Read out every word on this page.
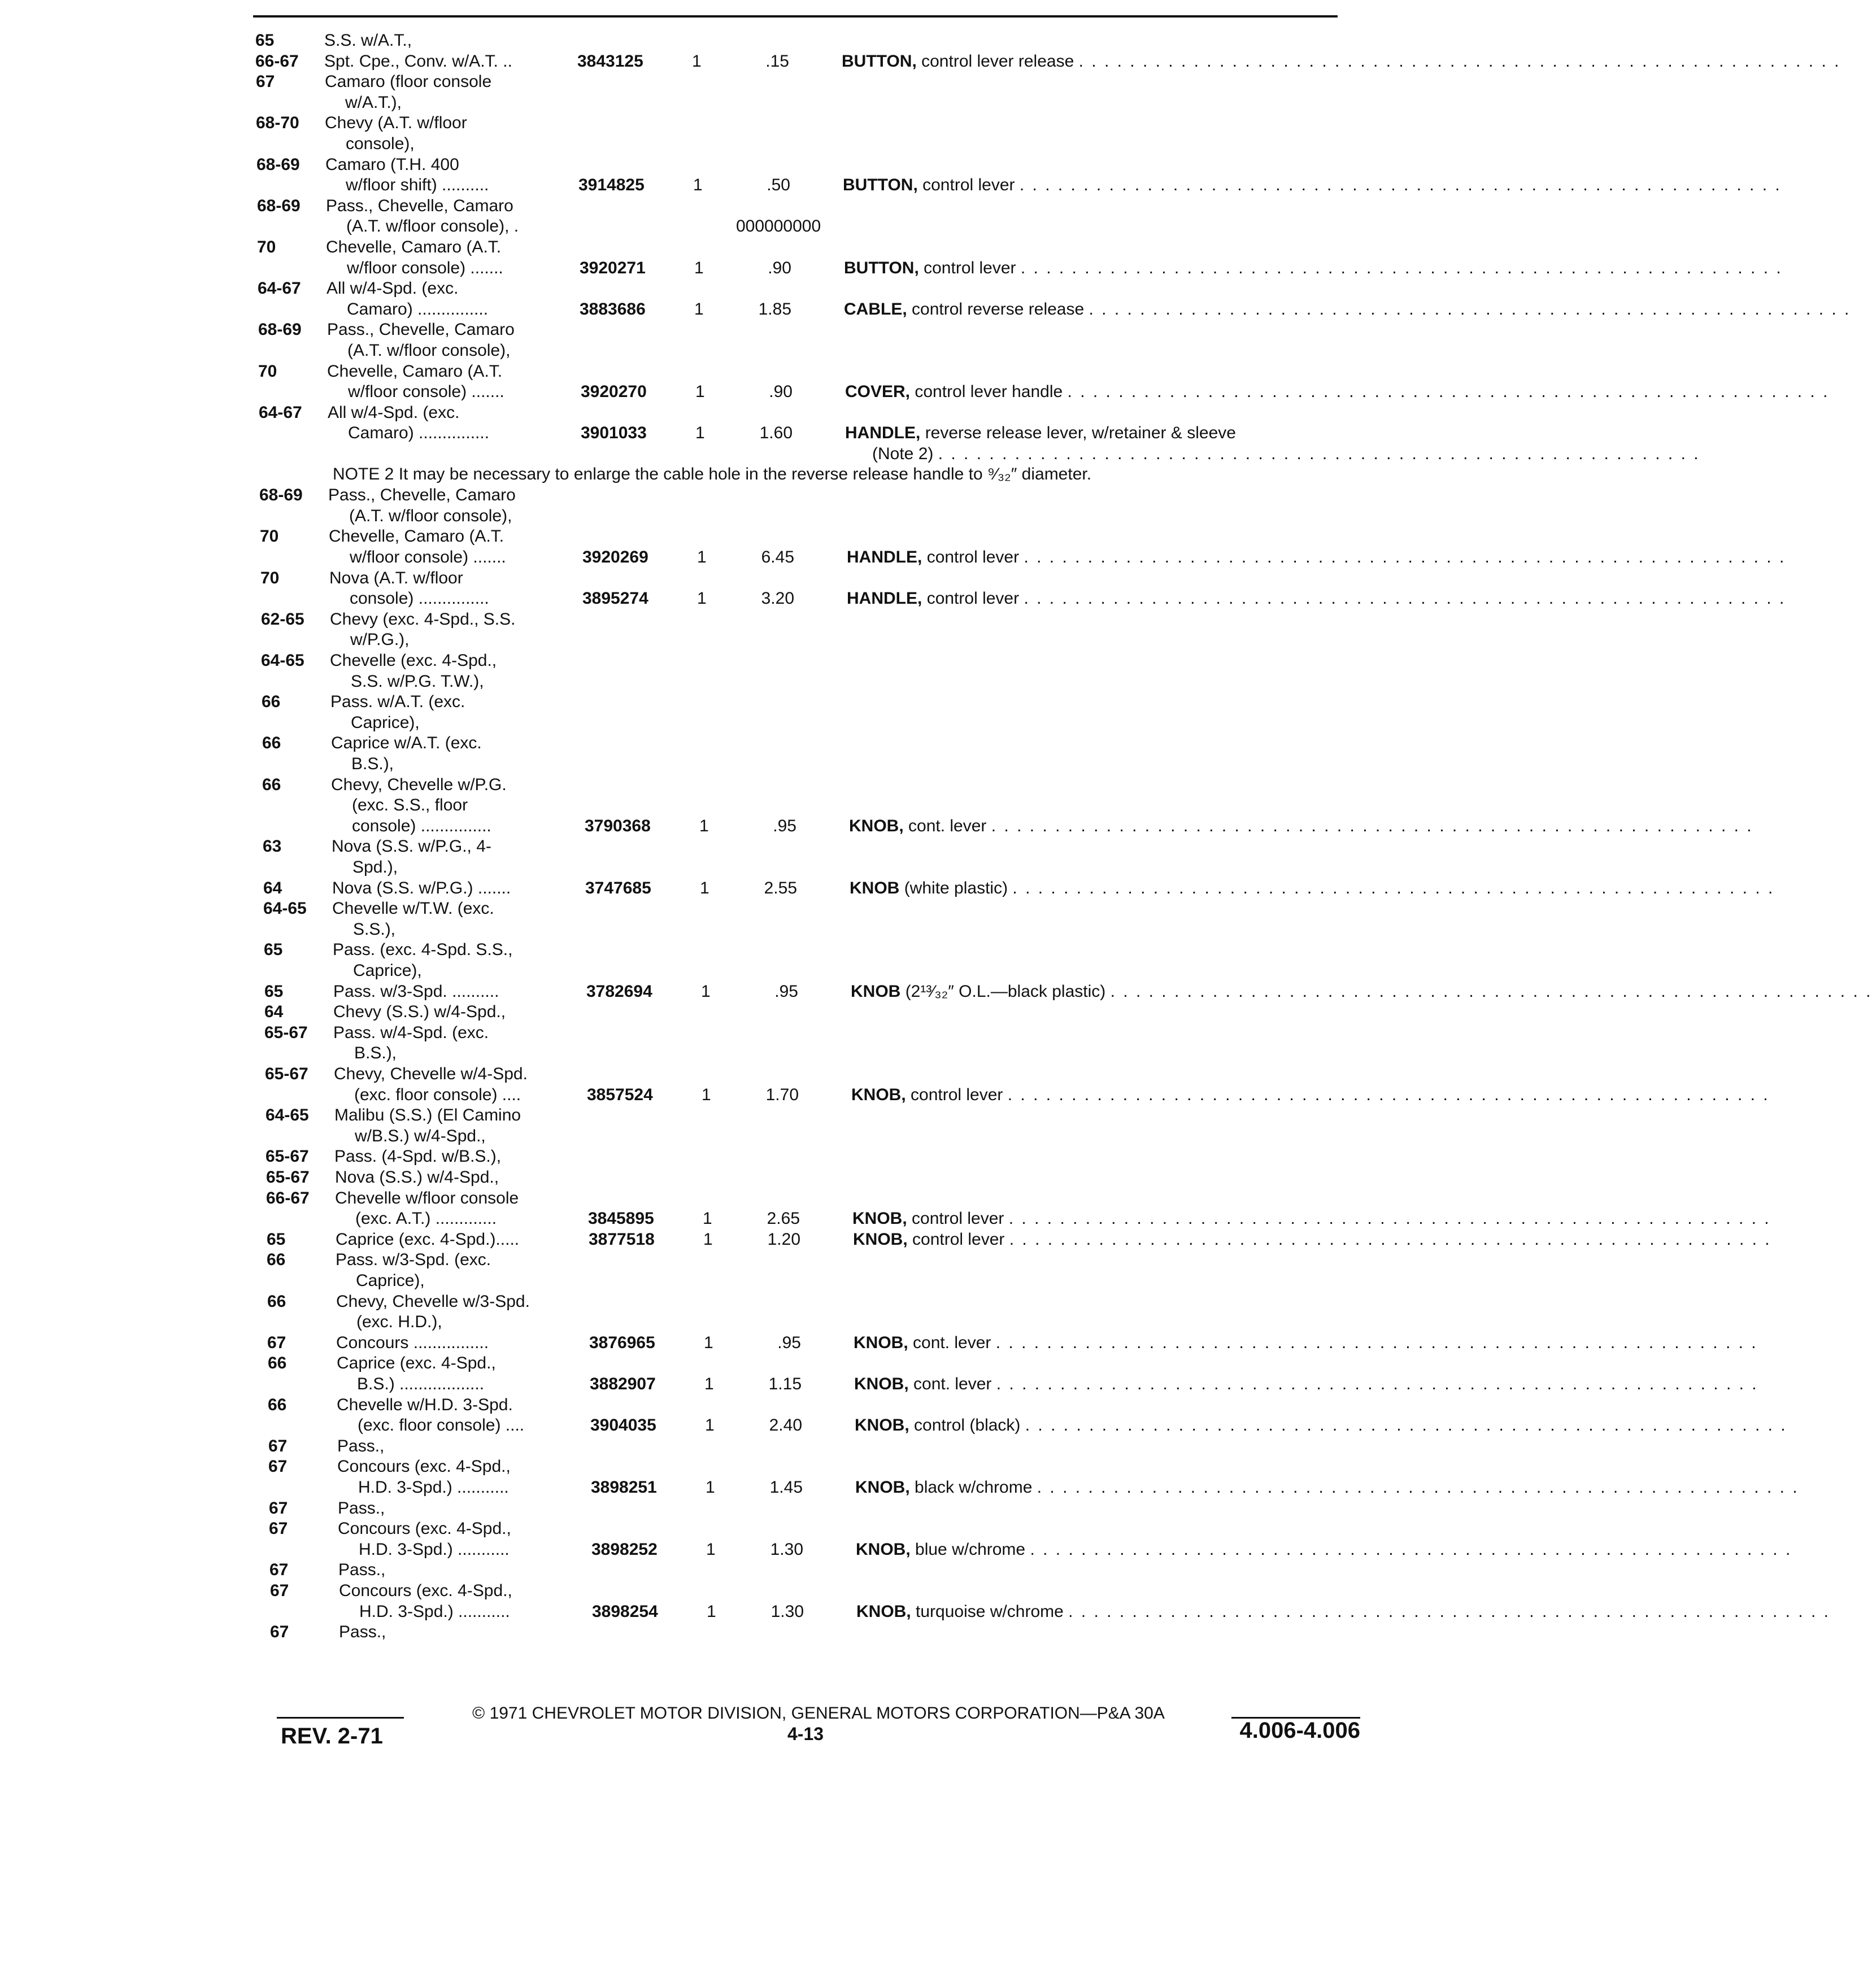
65	S.S. w/A.T.,
66-67 Spt. Cpe., Conv. w/A.T. ..	3843125	1	.15	BUTTON, control lever release . . . . . . . . . . . . . . . . . . . . . . . . . . . . . . . . . . . . . . . . . . . . . . . . . . . . . . . . . . . .
67	Camaro (floor console
w/A.T.),
68-70 Chevy (A.T. w/floor
console),
68-69 Camaro (T.H. 400
w/floor shift) ..........	3914825	1	.50	BUTTON, control lever . . . . . . . . . . . . . . . . . . . . . . . . . . . . . . . . . . . . . . . . . . . . . . . . . . . . . . . . . . . .
68-69 Pass., Chevelle, Camaro
(A.T. w/floor console), .	000000000
70	Chevelle, Camaro (A.T.
w/floor console) .......	3920271	1	.90	BUTTON, control lever . . . . . . . . . . . . . . . . . . . . . . . . . . . . . . . . . . . . . . . . . . . . . . . . . . . . . . . . . . . .
64-67 All w/4-Spd. (exc.
Camaro) ...............	3883686	1	1.85	CABLE, control reverse release . . . . . . . . . . . . . . . . . . . . . . . . . . . . . . . . . . . . . . . . . . . . . . . . . . . . . . . . . . . .
68-69 Pass., Chevelle, Camaro
(A.T. w/floor console),
70	Chevelle, Camaro (A.T.
w/floor console) .......	3920270	1	.90	COVER, control lever handle . . . . . . . . . . . . . . . . . . . . . . . . . . . . . . . . . . . . . . . . . . . . . . . . . . . . . . . . . . . .
64-67 All w/4-Spd. (exc.
Camaro) ...............	3901033	1	1.60	HANDLE, reverse release lever, w/retainer & sleeve
(Note 2) . . . . . . . . . . . . . . . . . . . . . . . . . . . . . . . . . . . . . . . . . . . . . . . . . . . . . . . . . . . .
NOTE 2 It may be necessary to enlarge the cable hole in the reverse release handle to ⁹⁄₃₂″ diameter.
68-69 Pass., Chevelle, Camaro
(A.T. w/floor console),
70	Chevelle, Camaro (A.T.
w/floor console) .......	3920269	1	6.45	HANDLE, control lever . . . . . . . . . . . . . . . . . . . . . . . . . . . . . . . . . . . . . . . . . . . . . . . . . . . . . . . . . . . .
70	Nova (A.T. w/floor
console) ...............	3895274	1	3.20	HANDLE, control lever . . . . . . . . . . . . . . . . . . . . . . . . . . . . . . . . . . . . . . . . . . . . . . . . . . . . . . . . . . . .
62-65 Chevy (exc. 4-Spd., S.S.
w/P.G.),
64-65 Chevelle (exc. 4-Spd.,
S.S. w/P.G. T.W.),
66	Pass. w/A.T. (exc.
Caprice),
66	Caprice w/A.T. (exc.
B.S.),
66	Chevy, Chevelle w/P.G.
(exc. S.S., floor
console) ...............	3790368	1	.95	KNOB, cont. lever . . . . . . . . . . . . . . . . . . . . . . . . . . . . . . . . . . . . . . . . . . . . . . . . . . . . . . . . . . . .
63	Nova (S.S. w/P.G., 4-
Spd.),
64	Nova (S.S. w/P.G.) .......	3747685	1	2.55	KNOB (white plastic) . . . . . . . . . . . . . . . . . . . . . . . . . . . . . . . . . . . . . . . . . . . . . . . . . . . . . . . . . . . .
64-65 Chevelle w/T.W. (exc.
S.S.),
65	Pass. (exc. 4-Spd. S.S.,
Caprice),
65	Pass. w/3-Spd. ..........	3782694	1	.95	KNOB (2¹³⁄₃₂″ O.L.—black plastic) . . . . . . . . . . . . . . . . . . . . . . . . . . . . . . . . . . . . . . . . . . . . . . . . . . . . . . . . . . . .
64	Chevy (S.S.) w/4-Spd.,
65-67 Pass. w/4-Spd. (exc.
B.S.),
65-67 Chevy, Chevelle w/4-Spd.
(exc. floor console) ....	3857524	1	1.70	KNOB, control lever . . . . . . . . . . . . . . . . . . . . . . . . . . . . . . . . . . . . . . . . . . . . . . . . . . . . . . . . . . . .
64-65 Malibu (S.S.) (El Camino
w/B.S.) w/4-Spd.,
65-67 Pass. (4-Spd. w/B.S.),
65-67 Nova (S.S.) w/4-Spd.,
66-67 Chevelle w/floor console
(exc. A.T.) .............	3845895	1	2.65	KNOB, control lever . . . . . . . . . . . . . . . . . . . . . . . . . . . . . . . . . . . . . . . . . . . . . . . . . . . . . . . . . . . .
65	Caprice (exc. 4-Spd.).....	3877518	1	1.20	KNOB, control lever . . . . . . . . . . . . . . . . . . . . . . . . . . . . . . . . . . . . . . . . . . . . . . . . . . . . . . . . . . . .
66	Pass. w/3-Spd. (exc.
Caprice),
66	Chevy, Chevelle w/3-Spd.
(exc. H.D.),
67	Concours ................	3876965	1	.95	KNOB, cont. lever . . . . . . . . . . . . . . . . . . . . . . . . . . . . . . . . . . . . . . . . . . . . . . . . . . . . . . . . . . . .
66	Caprice (exc. 4-Spd.,
B.S.) ..................	3882907	1	1.15	KNOB, cont. lever . . . . . . . . . . . . . . . . . . . . . . . . . . . . . . . . . . . . . . . . . . . . . . . . . . . . . . . . . . . .
66	Chevelle w/H.D. 3-Spd.
(exc. floor console) ....	3904035	1	2.40	KNOB, control (black) . . . . . . . . . . . . . . . . . . . . . . . . . . . . . . . . . . . . . . . . . . . . . . . . . . . . . . . . . . . .
67	Pass.,
67	Concours (exc. 4-Spd.,
H.D. 3-Spd.) ...........	3898251	1	1.45	KNOB, black w/chrome . . . . . . . . . . . . . . . . . . . . . . . . . . . . . . . . . . . . . . . . . . . . . . . . . . . . . . . . . . . .
67	Pass.,
67	Concours (exc. 4-Spd.,
H.D. 3-Spd.) ...........	3898252	1	1.30	KNOB, blue w/chrome . . . . . . . . . . . . . . . . . . . . . . . . . . . . . . . . . . . . . . . . . . . . . . . . . . . . . . . . . . . .
67	Pass.,
67	Concours (exc. 4-Spd.,
H.D. 3-Spd.) ...........	3898254	1	1.30	KNOB, turquoise w/chrome . . . . . . . . . . . . . . . . . . . . . . . . . . . . . . . . . . . . . . . . . . . . . . . . . . . . . . . . . . . .
67	Pass.,
© 1971 CHEVROLET MOTOR DIVISION, GENERAL MOTORS CORPORATION—P&A 30A
REV. 2-71	4-13	4.006-4.006
